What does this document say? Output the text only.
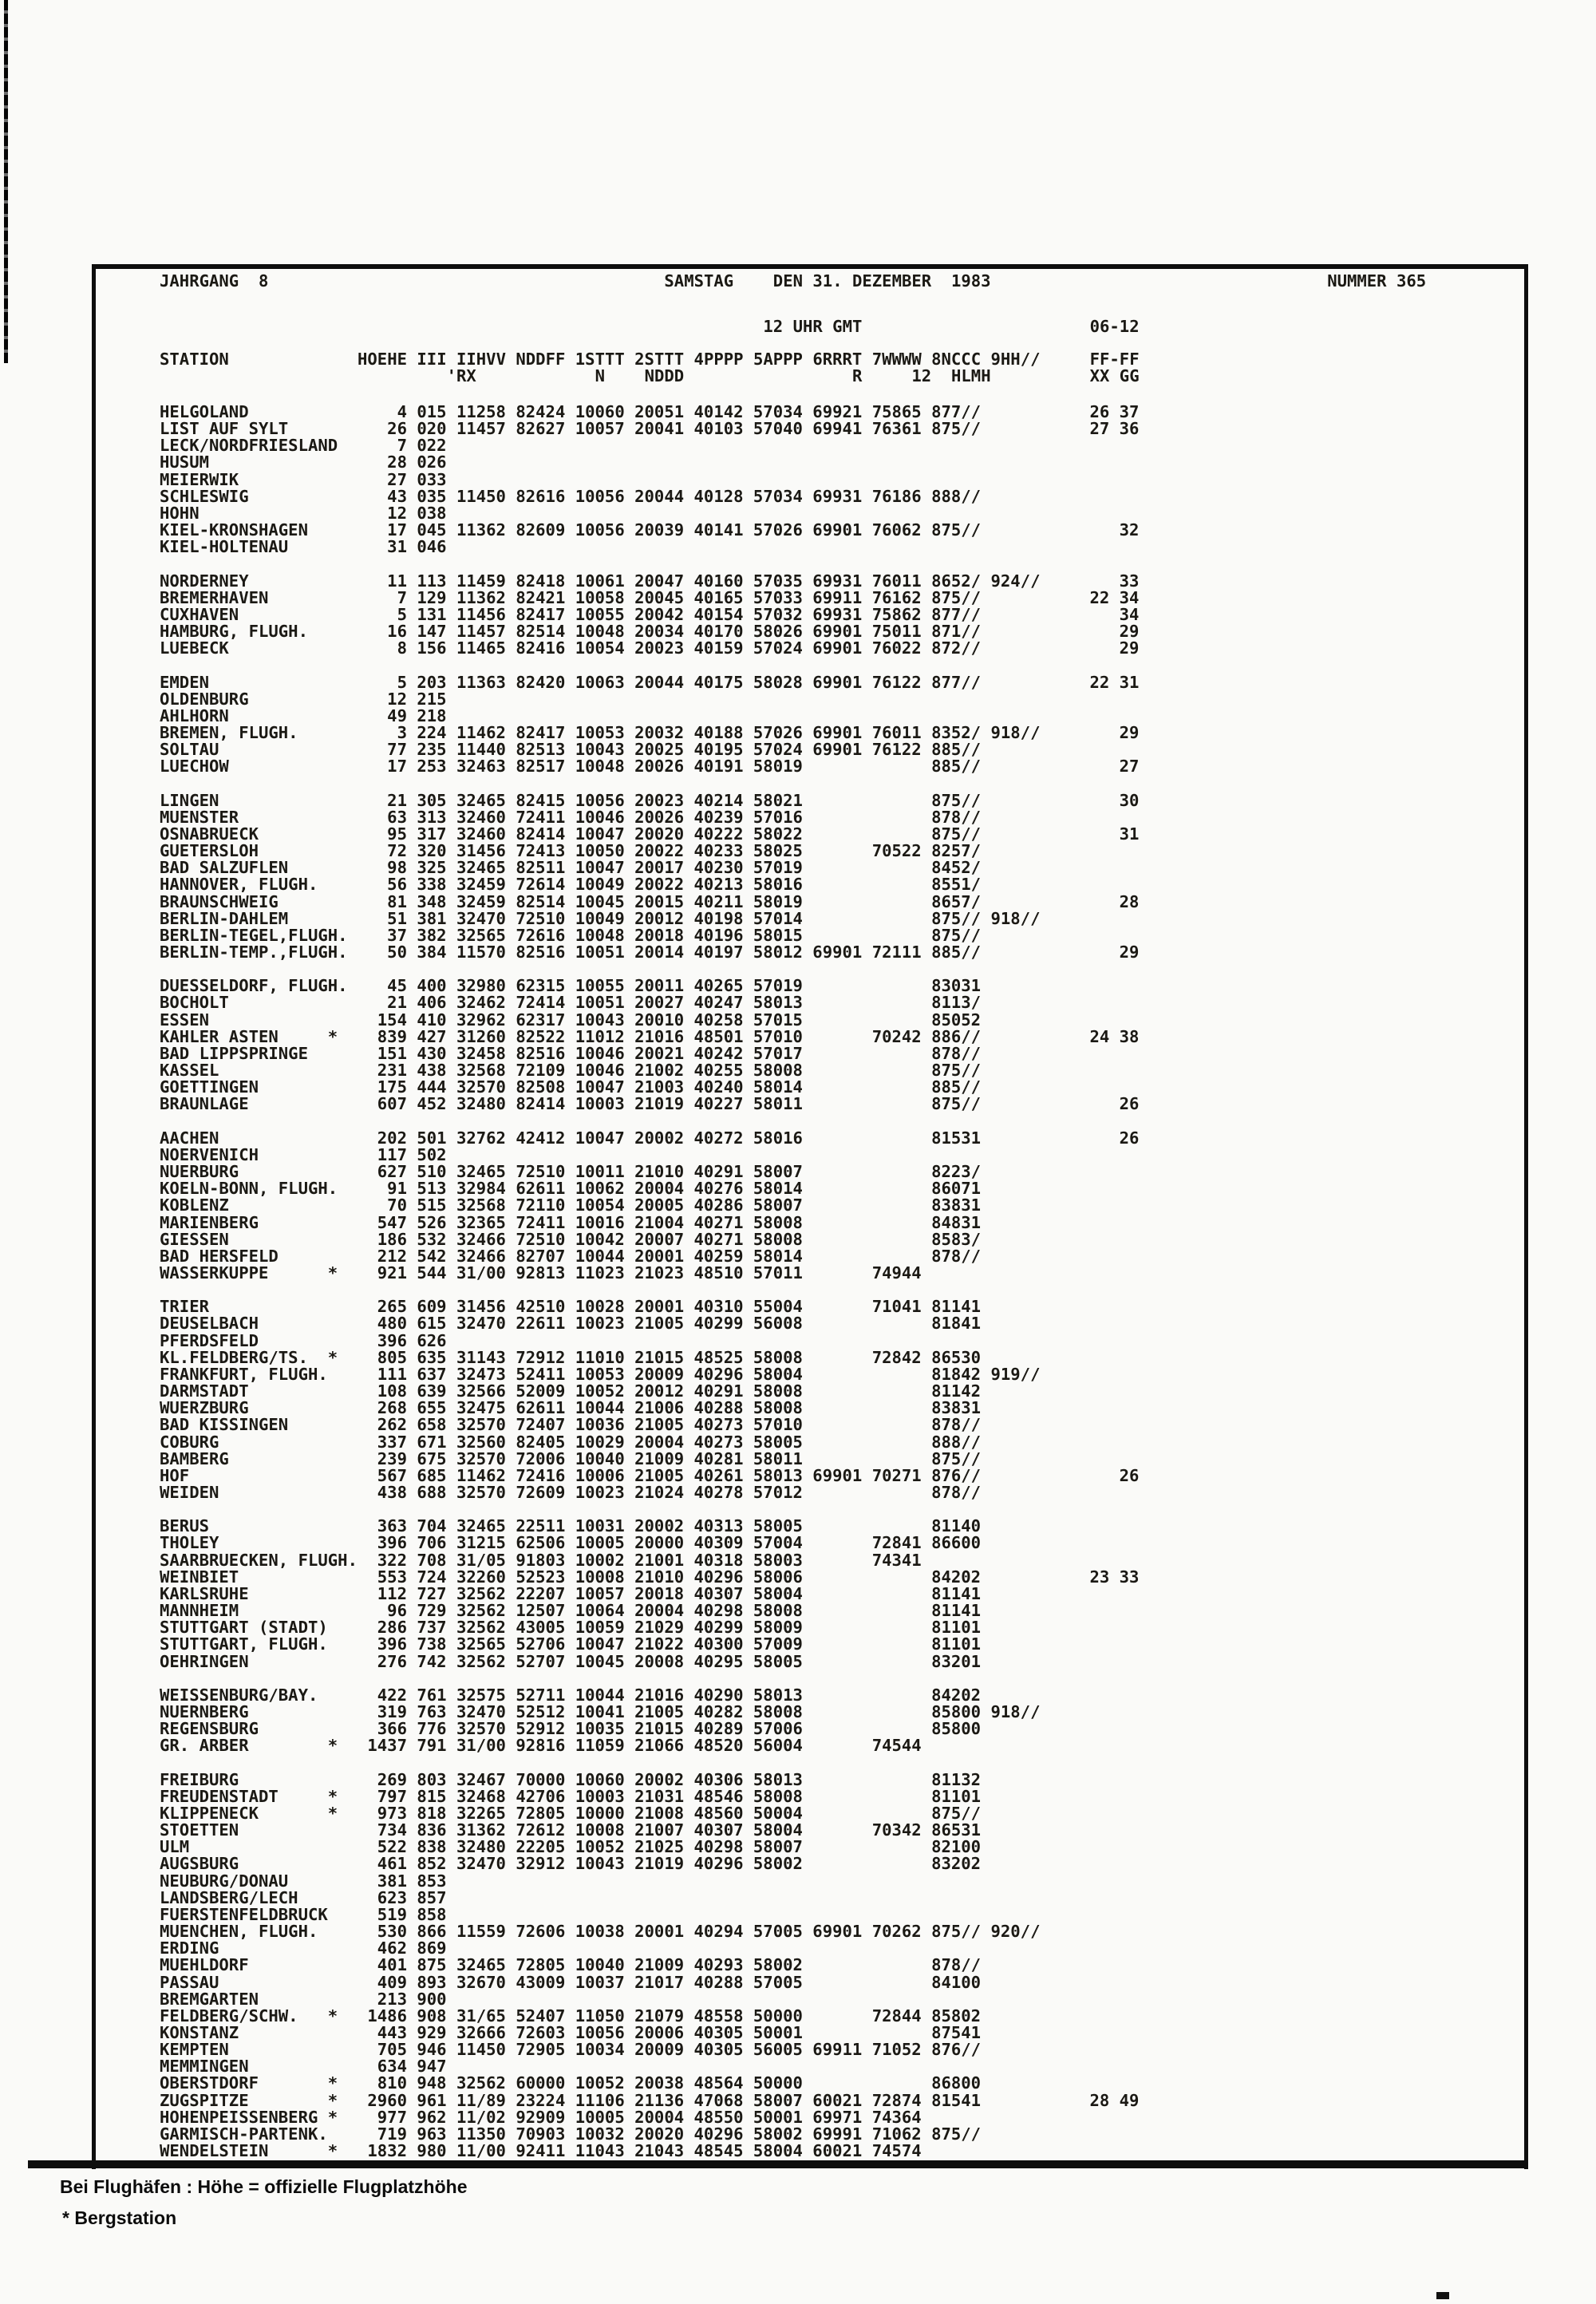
JAHRGANG 8	SAMSTAG DEN 31. DEZEMBER  1983	NUMMER 365
12 UHR GMT	06-12
STATION	HOEHE III IIHVV NDDFF 1STTT 2STTT 4PPPP 5APPP 6RRRT 7WWWW 8NCCC 9HH//	FF-FF
'RX	N NDDD	R	12 HLMH	XX GG
HELGOLAND               4 015 11258 82424 10060 20051 40142 57034 69921 75865 877//           26 37
LIST AUF SYLT          26 020 11457 82627 10057 20041 40103 57040 69941 76361 875//           27 36
LECK/NORDFRIESLAND      7 022
HUSUM                  28 026
MEIERWIK               27 033
SCHLESWIG              43 035 11450 82616 10056 20044 40128 57034 69931 76186 888//
HOHN                   12 038
KIEL-KRONSHAGEN        17 045 11362 82609 10056 20039 40141 57026 69901 76062 875//              32
KIEL-HOLTENAU          31 046

NORDERNEY              11 113 11459 82418 10061 20047 40160 57035 69931 76011 8652/ 924//        33
BREMERHAVEN             7 129 11362 82421 10058 20045 40165 57033 69911 76162 875//           22 34
CUXHAVEN                5 131 11456 82417 10055 20042 40154 57032 69931 75862 877//              34
HAMBURG, FLUGH.        16 147 11457 82514 10048 20034 40170 58026 69901 75011 871//              29
LUEBECK                 8 156 11465 82416 10054 20023 40159 57024 69901 76022 872//              29

EMDEN                   5 203 11363 82420 10063 20044 40175 58028 69901 76122 877//           22 31
OLDENBURG              12 215
AHLHORN                49 218
BREMEN, FLUGH.          3 224 11462 82417 10053 20032 40188 57026 69901 76011 8352/ 918//        29
SOLTAU                 77 235 11440 82513 10043 20025 40195 57024 69901 76122 885//
LUECHOW                17 253 32463 82517 10048 20026 40191 58019             885//              27

LINGEN                 21 305 32465 82415 10056 20023 40214 58021             875//              30
MUENSTER               63 313 32460 72411 10046 20026 40239 57016             878//
OSNABRUECK             95 317 32460 82414 10047 20020 40222 58022             875//              31
GUETERSLOH             72 320 31456 72413 10050 20022 40233 58025       70522 8257/
BAD SALZUFLEN          98 325 32465 82511 10047 20017 40230 57019             8452/
HANNOVER, FLUGH.       56 338 32459 72614 10049 20022 40213 58016             8551/
BRAUNSCHWEIG           81 348 32459 82514 10045 20015 40211 58019             8657/              28
BERLIN-DAHLEM          51 381 32470 72510 10049 20012 40198 57014             875// 918//
BERLIN-TEGEL,FLUGH.    37 382 32565 72616 10048 20018 40196 58015             875//
BERLIN-TEMP.,FLUGH.    50 384 11570 82516 10051 20014 40197 58012 69901 72111 885//              29

DUESSELDORF, FLUGH.    45 400 32980 62315 10055 20011 40265 57019             83031
BOCHOLT                21 406 32462 72414 10051 20027 40247 58013             8113/
ESSEN                 154 410 32962 62317 10043 20010 40258 57015             85052
KAHLER ASTEN     *    839 427 31260 82522 11012 21016 48501 57010       70242 886//           24 38
BAD LIPPSPRINGE       151 430 32458 82516 10046 20021 40242 57017             878//
KASSEL                231 438 32568 72109 10046 21002 40255 58008             875//
GOETTINGEN            175 444 32570 82508 10047 21003 40240 58014             885//
BRAUNLAGE             607 452 32480 82414 10003 21019 40227 58011             875//              26

AACHEN                202 501 32762 42412 10047 20002 40272 58016             81531              26
NOERVENICH            117 502
NUERBURG              627 510 32465 72510 10011 21010 40291 58007             8223/
KOELN-BONN, FLUGH.     91 513 32984 62611 10062 20004 40276 58014             86071
KOBLENZ                70 515 32568 72110 10054 20005 40286 58007             83831
MARIENBERG            547 526 32365 72411 10016 21004 40271 58008             84831
GIESSEN               186 532 32466 72510 10042 20007 40271 58008             8583/
BAD HERSFELD          212 542 32466 82707 10044 20001 40259 58014             878//
WASSERKUPPE      *    921 544 31/00 92813 11023 21023 48510 57011       74944

TRIER                 265 609 31456 42510 10028 20001 40310 55004       71041 81141
DEUSELBACH            480 615 32470 22611 10023 21005 40299 56008             81841
PFERDSFELD            396 626
KL.FELDBERG/TS.  *    805 635 31143 72912 11010 21015 48525 58008       72842 86530
FRANKFURT, FLUGH.     111 637 32473 52411 10053 20009 40296 58004             81842 919//
DARMSTADT             108 639 32566 52009 10052 20012 40291 58008             81142
WUERZBURG             268 655 32475 62611 10044 21006 40288 58008             83831
BAD KISSINGEN         262 658 32570 72407 10036 21005 40273 57010             878//
COBURG                337 671 32560 82405 10029 20004 40273 58005             888//
BAMBERG               239 675 32570 72006 10040 21009 40281 58011             875//
HOF                   567 685 11462 72416 10006 21005 40261 58013 69901 70271 876//              26
WEIDEN                438 688 32570 72609 10023 21024 40278 57012             878//

BERUS                 363 704 32465 22511 10031 20002 40313 58005             81140
THOLEY                396 706 31215 62506 10005 20000 40309 57004       72841 86600
SAARBRUECKEN, FLUGH.  322 708 31/05 91803 10002 21001 40318 58003       74341
WEINBIET              553 724 32260 52523 10008 21010 40296 58006             84202           23 33
KARLSRUHE             112 727 32562 22207 10057 20018 40307 58004             81141
MANNHEIM               96 729 32562 12507 10064 20004 40298 58008             81141
STUTTGART (STADT)     286 737 32562 43005 10059 21029 40299 58009             81101
STUTTGART, FLUGH.     396 738 32565 52706 10047 21022 40300 57009             81101
OEHRINGEN             276 742 32562 52707 10045 20008 40295 58005             83201

WEISSENBURG/BAY.      422 761 32575 52711 10044 21016 40290 58013             84202
NUERNBERG             319 763 32470 52512 10041 21005 40282 58008             85800 918//
REGENSBURG            366 776 32570 52912 10035 21015 40289 57006             85800
GR. ARBER        *   1437 791 31/00 92816 11059 21066 48520 56004       74544

FREIBURG              269 803 32467 70000 10060 20002 40306 58013             81132
FREUDENSTADT     *    797 815 32468 42706 10003 21031 48546 58008             81101
KLIPPENECK       *    973 818 32265 72805 10000 21008 48560 50004             875//
STOETTEN              734 836 31362 72612 10008 21007 40307 58004       70342 86531
ULM                   522 838 32480 22205 10052 21025 40298 58007             82100
AUGSBURG              461 852 32470 32912 10043 21019 40296 58002             83202
NEUBURG/DONAU         381 853
LANDSBERG/LECH        623 857
FUERSTENFELDBRUCK     519 858
MUENCHEN, FLUGH.      530 866 11559 72606 10038 20001 40294 57005 69901 70262 875// 920//
ERDING                462 869
MUEHLDORF             401 875 32465 72805 10040 21009 40293 58002             878//
PASSAU                409 893 32670 43009 10037 21017 40288 57005             84100
BREMGARTEN            213 900
FELDBERG/SCHW.   *   1486 908 31/65 52407 11050 21079 48558 50000       72844 85802
KONSTANZ              443 929 32666 72603 10056 20006 40305 50001             87541
KEMPTEN               705 946 11450 72905 10034 20009 40305 56005 69911 71052 876//
MEMMINGEN             634 947
OBERSTDORF       *    810 948 32562 60000 10052 20038 48564 50000             86800
ZUGSPITZE        *   2960 961 11/89 23224 11106 21136 47068 58007 60021 72874 81541           28 49
HOHENPEISSENBERG *    977 962 11/02 92909 10005 20004 48550 50001 69971 74364
GARMISCH-PARTENK.     719 963 11350 70903 10032 20020 40296 58002 69991 71062 875//
WENDELSTEIN      *   1832 980 11/00 92411 11043 21043 48545 58004 60021 74574
Bei Flughäfen : Höhe = offizielle Flugplatzhöhe
* Bergstation
